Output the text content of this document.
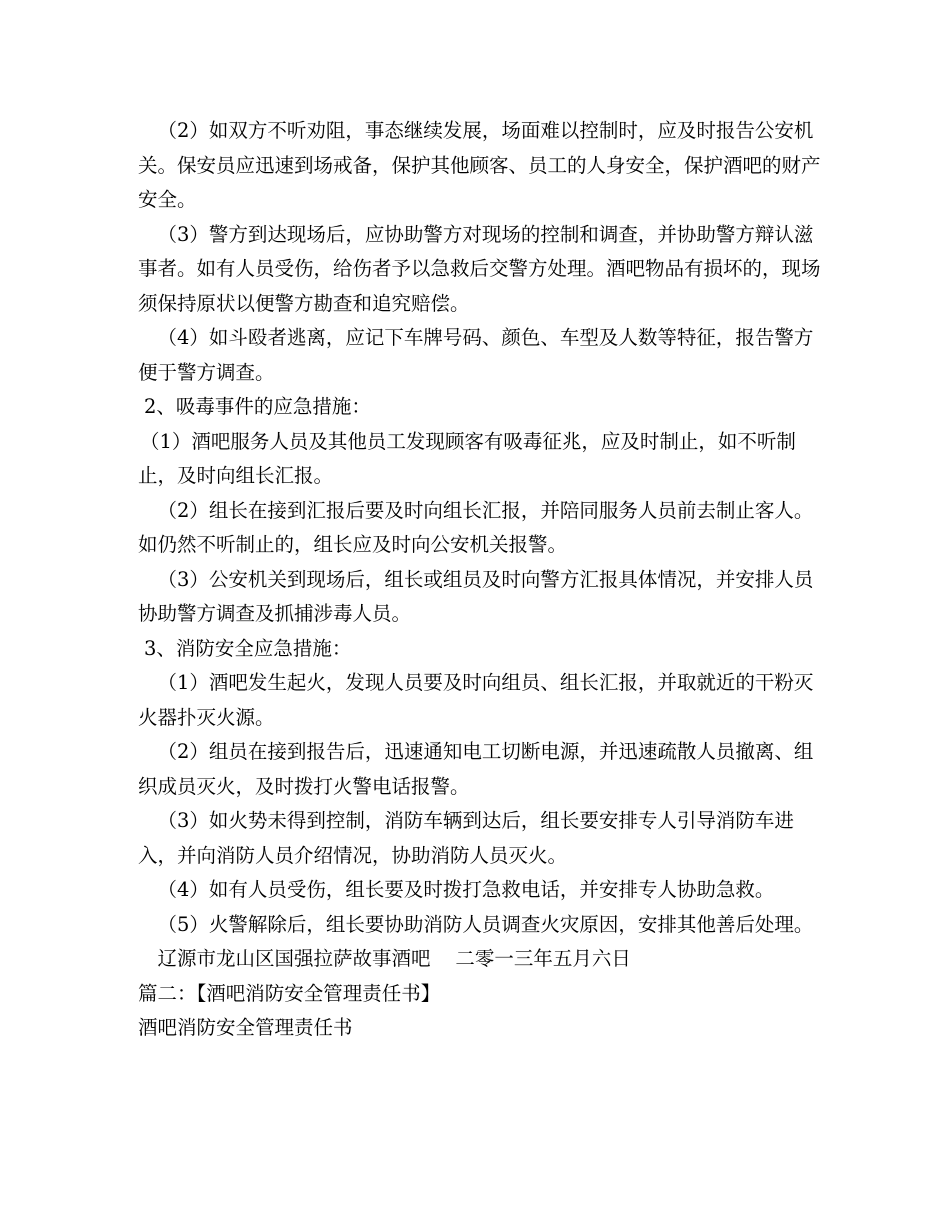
（2）如双方不听劝阻，事态继续发展，场面难以控制时，应及时报告公安机关。保安员应迅速到场戒备，保护其他顾客、员工的人身安全，保护酒吧的财产安全。

（3）警方到达现场后，应协助警方对现场的控制和调查，并协助警方辩认滋事者。如有人员受伤，给伤者予以急救后交警方处理。酒吧物品有损坏的，现场须保持原状以便警方勘查和追究赔偿。

（4）如斗殴者逃离，应记下车牌号码、颜色、车型及人数等特征，报告警方便于警方调查。

2、吸毒事件的应急措施：

（1）酒吧服务人员及其他员工发现顾客有吸毒征兆，应及时制止，如不听制止，及时向组长汇报。

（2）组长在接到汇报后要及时向组长汇报，并陪同服务人员前去制止客人。如仍然不听制止的，组长应及时向公安机关报警。

（3）公安机关到现场后，组长或组员及时向警方汇报具体情况，并安排人员协助警方调查及抓捕涉毒人员。

3、消防安全应急措施：

（1）酒吧发生起火，发现人员要及时向组员、组长汇报，并取就近的干粉灭火器扑灭火源。

（2）组员在接到报告后，迅速通知电工切断电源，并迅速疏散人员撤离、组织成员灭火，及时拨打火警电话报警。

（3）如火势未得到控制，消防车辆到达后，组长要安排专人引导消防车进入，并向消防人员介绍情况，协助消防人员灭火。

（4）如有人员受伤，组长要及时拨打急救电话，并安排专人协助急救。

（5）火警解除后，组长要协助消防人员调查火灾原因，安排其他善后处理。

辽源市龙山区国强拉萨故事酒吧 二零一三年五月六日

篇二：【酒吧消防安全管理责任书】

酒吧消防安全管理责任书
